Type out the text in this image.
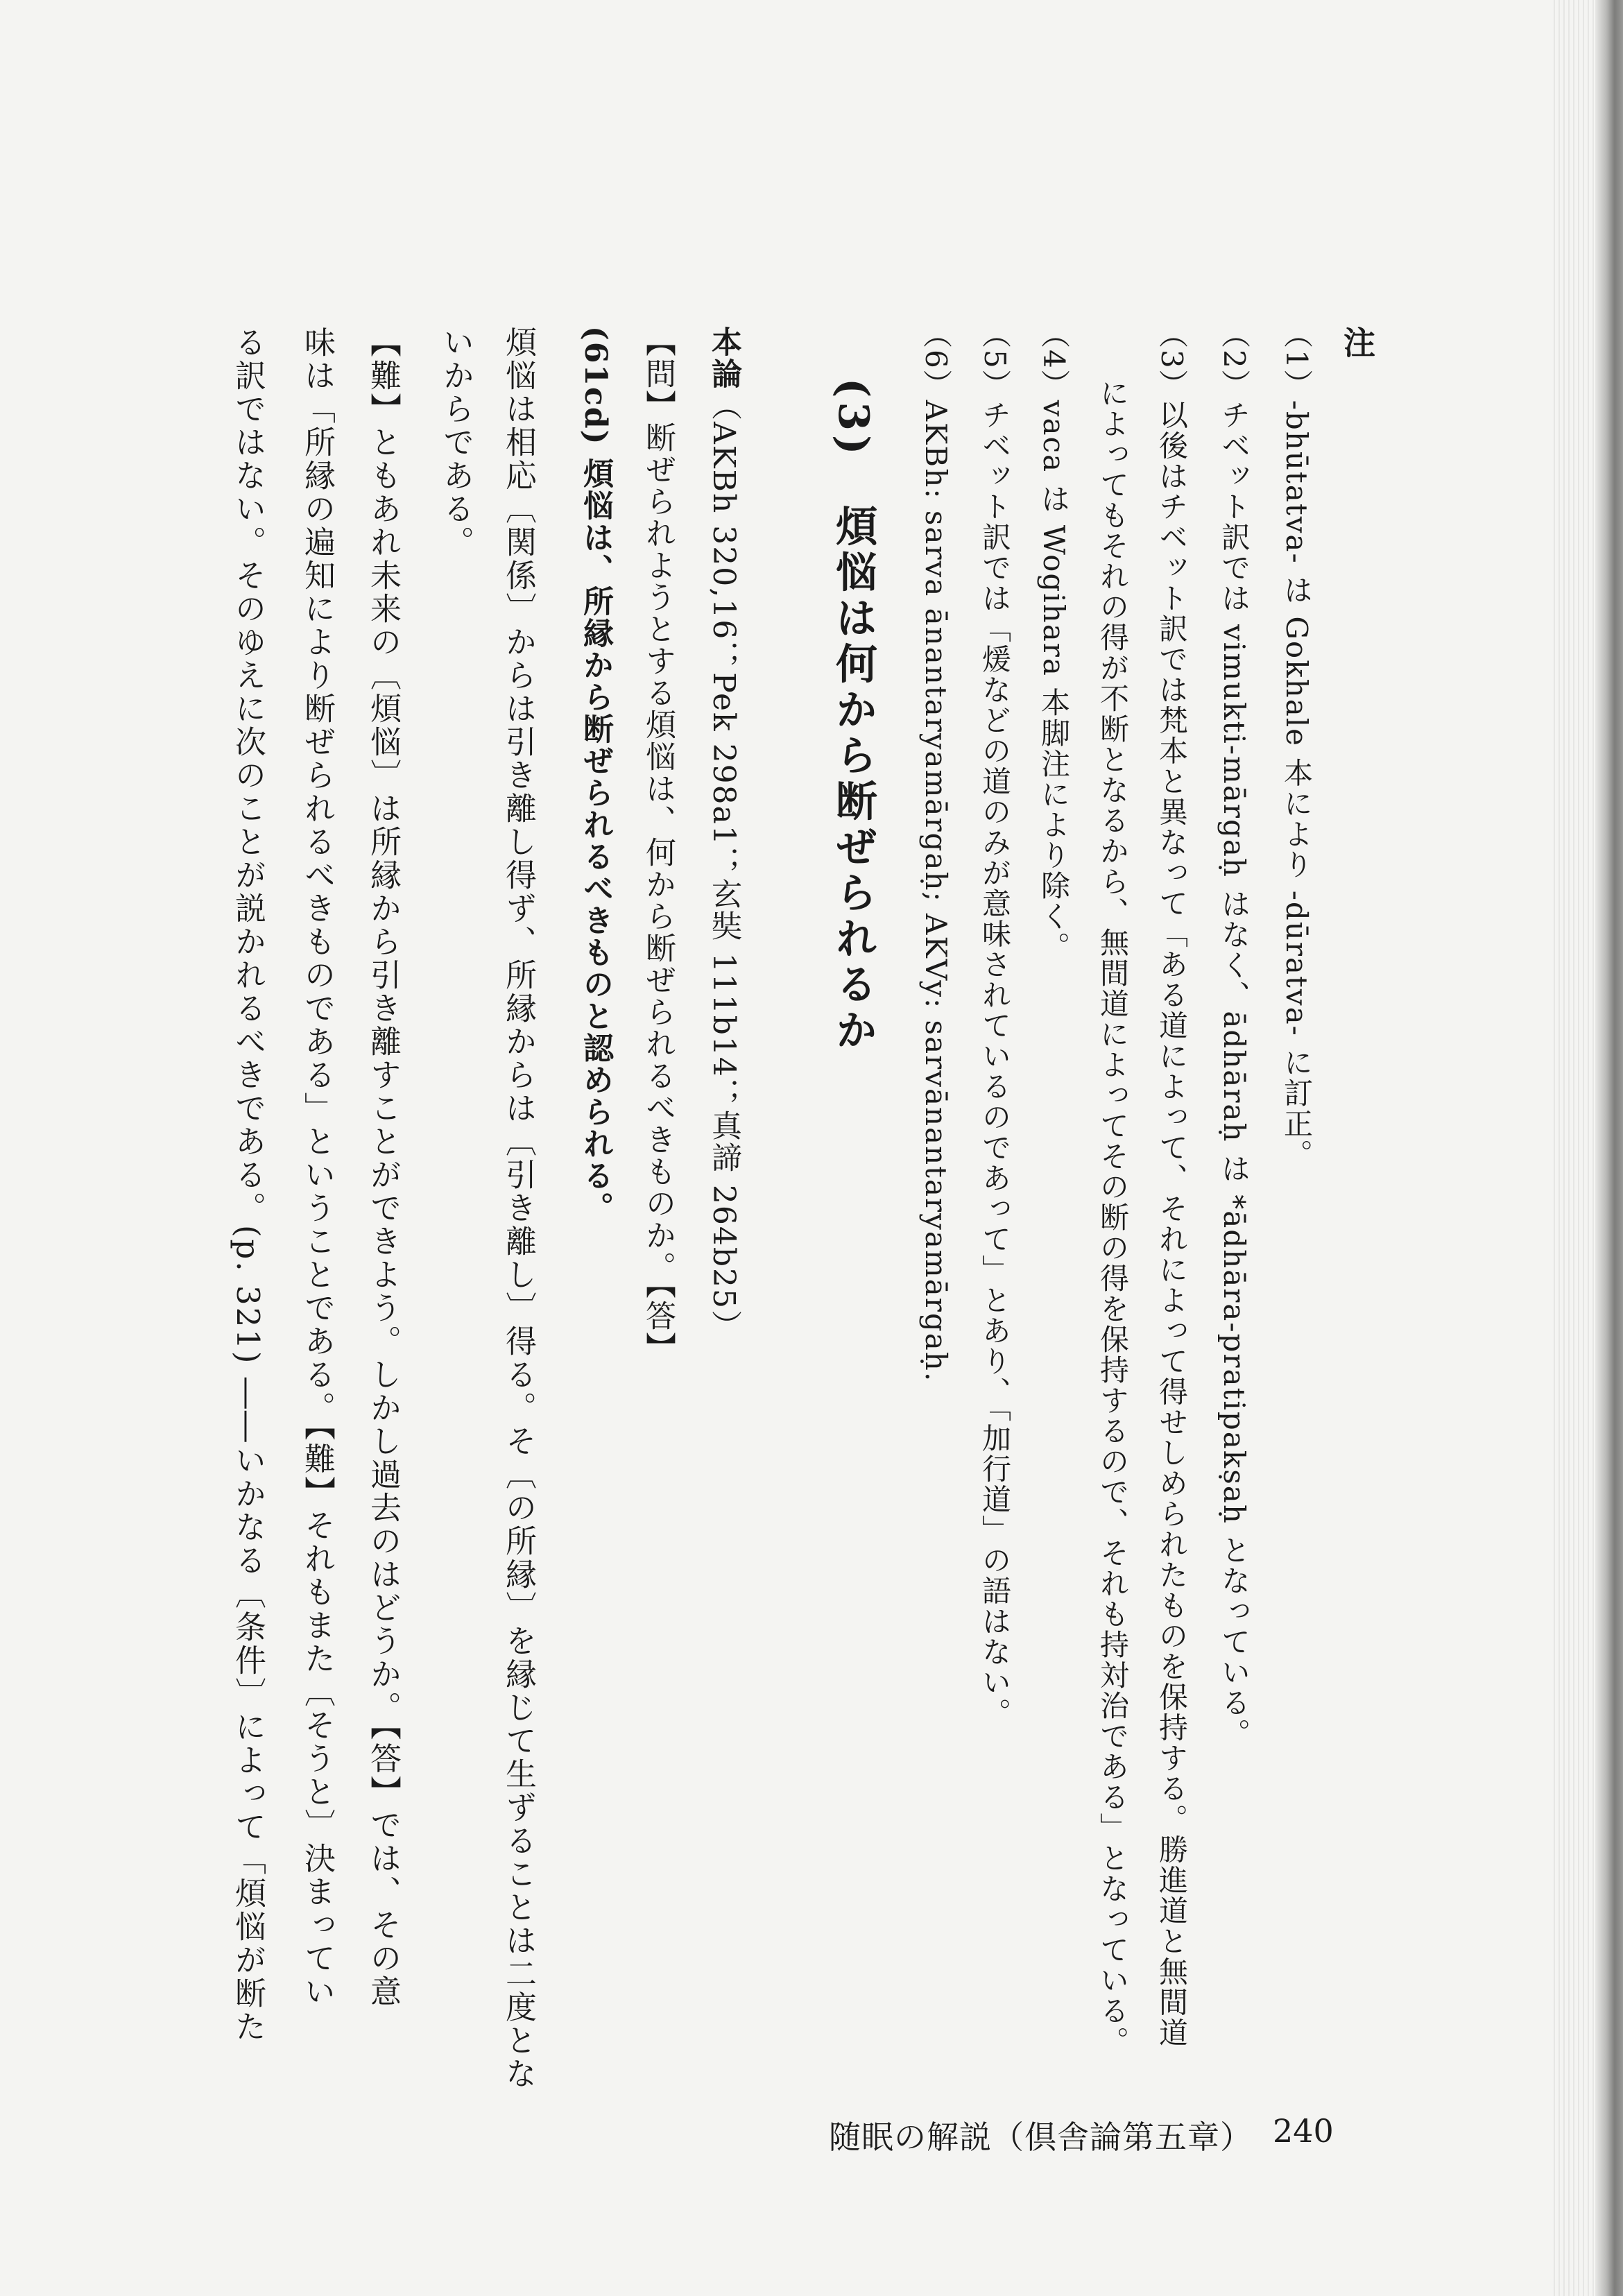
注
（1）-bhūtatva- は Gokhale 本により -dūratva- に訂正。
（2）チベット訳では vimukti-mārgaḥ はなく、ādhāraḥ は *ādhāra-pratipakṣaḥ となっている。
（3）以後はチベット訳では梵本と異なって「ある道によって、それによって得せしめられたものを保持する。勝進道と無間道
によってもそれの得が不断となるから、無間道によってその断の得を保持するので、それも持対治である」となっている。
（4）vaca は Wogihara 本脚注により除く。
（5）チベット訳では「煖などの道のみが意味されているのであって」とあり、「加行道」の語はない。
（6）AKBh: sarva ānantaryamārgaḥ; AKVy: sarvānantaryamārgaḥ.
(3)　煩悩は何から断ぜられるか
本論（AKBh 320,16；Pek 298a1；玄奘 111b14；真諦 264b25）
【問】断ぜられようとする煩悩は、何から断ぜられるべきものか。【答】
(61cd) 煩悩は、所縁から断ぜられるべきものと認められる。
煩悩は相応〔関係〕からは引き離し得ず、所縁からは〔引き離し〕得る。そ〔の所縁〕を縁じて生ずることは二度とな
いからである。
【難】ともあれ未来の〔煩悩〕は所縁から引き離すことができよう。しかし過去のはどうか。【答】では、その意
味は「所縁の遍知により断ぜられるべきものである」ということである。【難】それもまた〔そうと〕決まってい
る訳ではない。そのゆえに次のことが説かれるべきである。(p. 321) ――いかなる〔条件〕によって「煩悩が断た
随眠の解説（倶舎論第五章） 240
